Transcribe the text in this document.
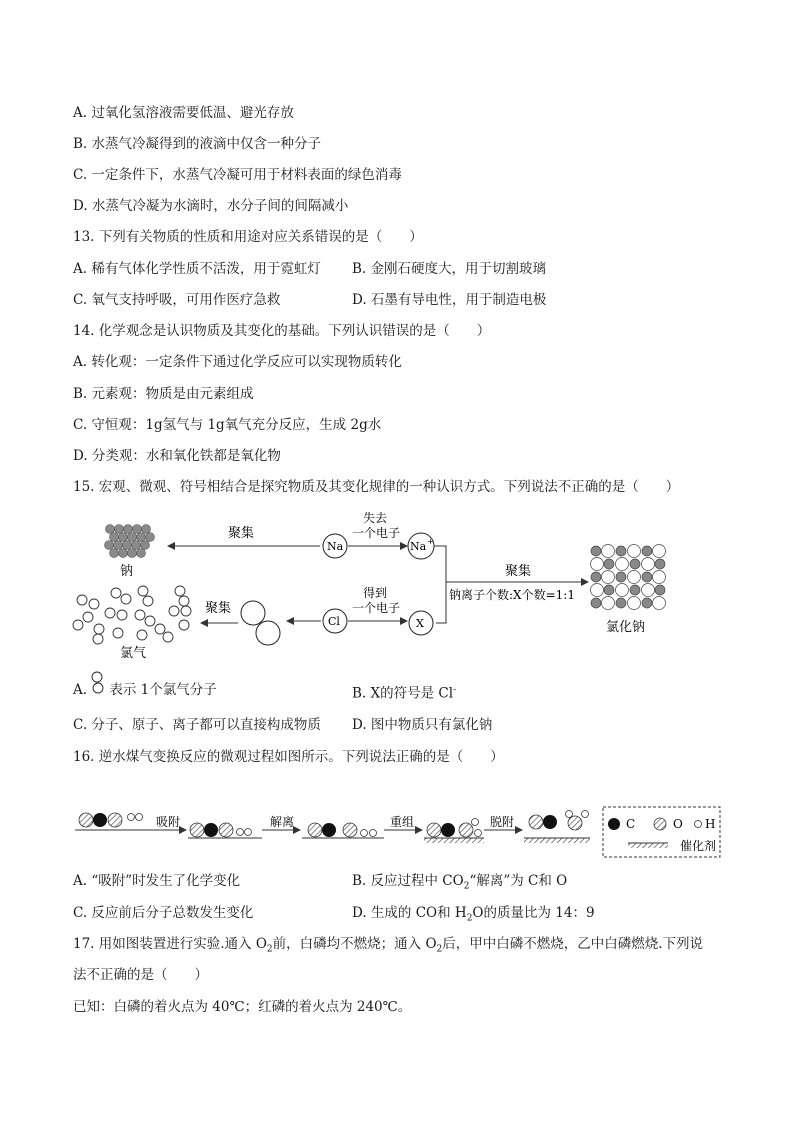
A. 过氧化氢溶液需要低温、避光存放
B. 水蒸气冷凝得到的液滴中仅含一种分子
C. 一定条件下，水蒸气冷凝可用于材料表面的绿色消毒
D. 水蒸气冷凝为水滴时，水分子间的间隔减小
13. 下列有关物质的性质和用途对应关系错误的是（　　）
A. 稀有气体化学性质不活泼，用于霓虹灯 B. 金刚石硬度大，用于切割玻璃
C. 氧气支持呼吸，可用作医疗急救	D. 石墨有导电性，用于制造电极
14. 化学观念是认识物质及其变化的基础。下列认识错误的是（　　）
A. 转化观：一定条件下通过化学反应可以实现物质转化
B. 元素观：物质是由元素组成
C. 守恒观：1g氢气与 1g氧气充分反应，生成 2g水
D. 分类观：水和氧化铁都是氧化物
15. 宏观、微观、符号相结合是探究物质及其变化规律的一种认识方式。下列说法不正确的是（　　）
钠
聚集
Na
失去
一个电子
Na +
聚集
钠离子个数:X个数=1:1
氯化钠
氯气
聚集
Cl
得到
一个电子
X
A. 表示 1个氯气分子	B. X的符号是 Cl-
C. 分子、原子、离子都可以直接构成物质 D. 图中物质只有氯化钠
16. 逆水煤气变换反应的微观过程如图所示。下列说法正确的是（　　）
吸附	解离	重组	脱附	C	O H
催化剂
A. “吸附”时发生了化学变化	B. 反应过程中 $CO_2“$解离”为 C和 O
C. 反应前后分子总数发生变化	D. 生成的 CO和 $H_2O$的质量比为 14：9
17. 用如图装置进行实验.通入 $O_2$前，白磷均不燃烧；通入 $O_2$后，甲中白磷不燃烧，乙中白磷燃烧.下列说
法不正确的是（　　）
已知：白磷的着火点为 40℃；红磷的着火点为 240℃。
